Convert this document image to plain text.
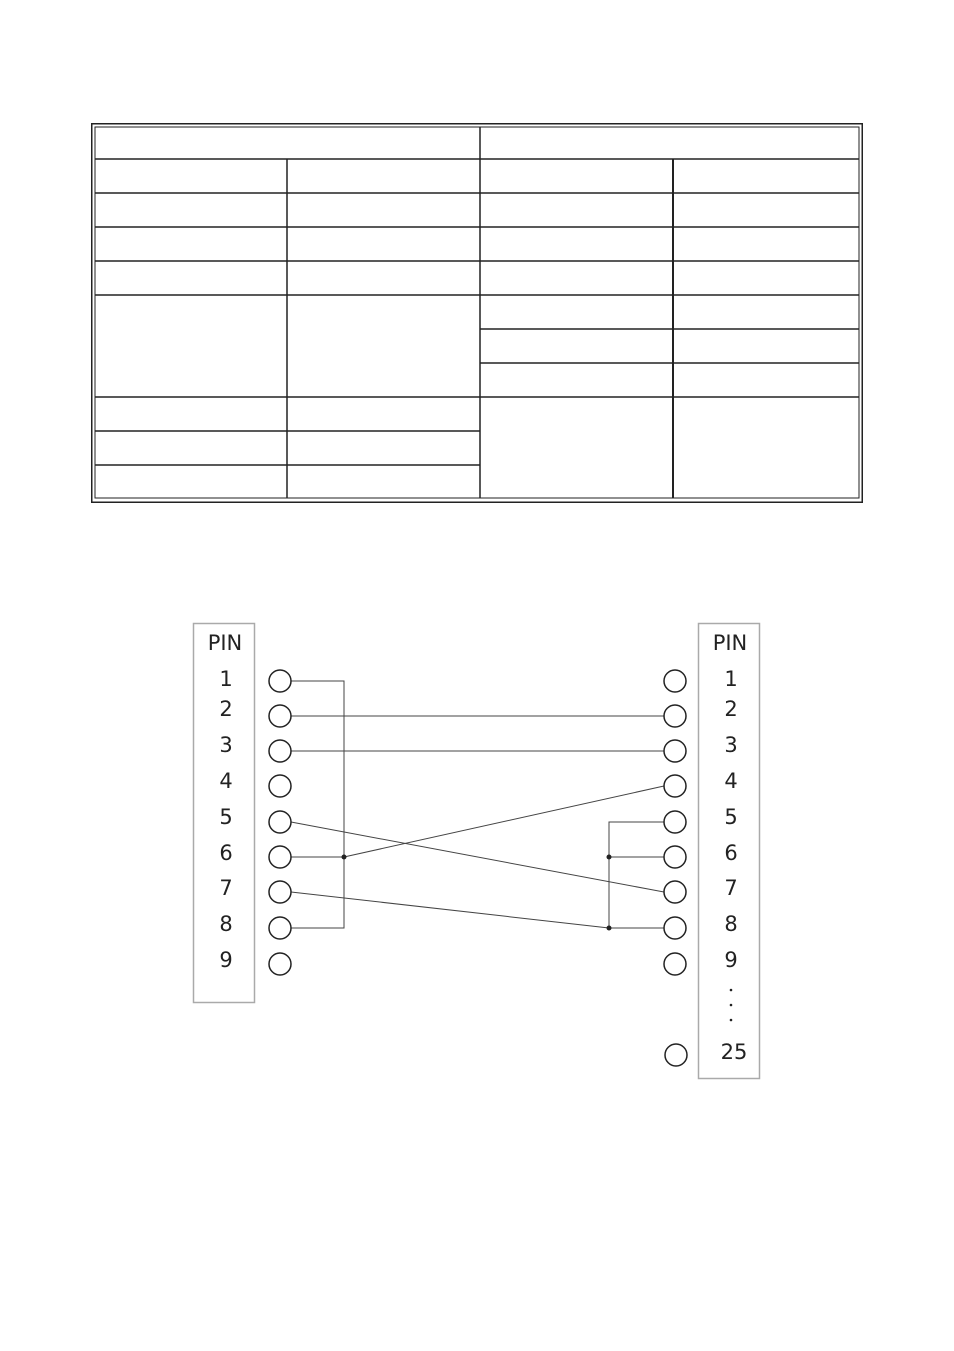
PIN
1
2
3
4
5
6
7
8
9
PIN
1
2
3
4
5
6
7
8
9
25
